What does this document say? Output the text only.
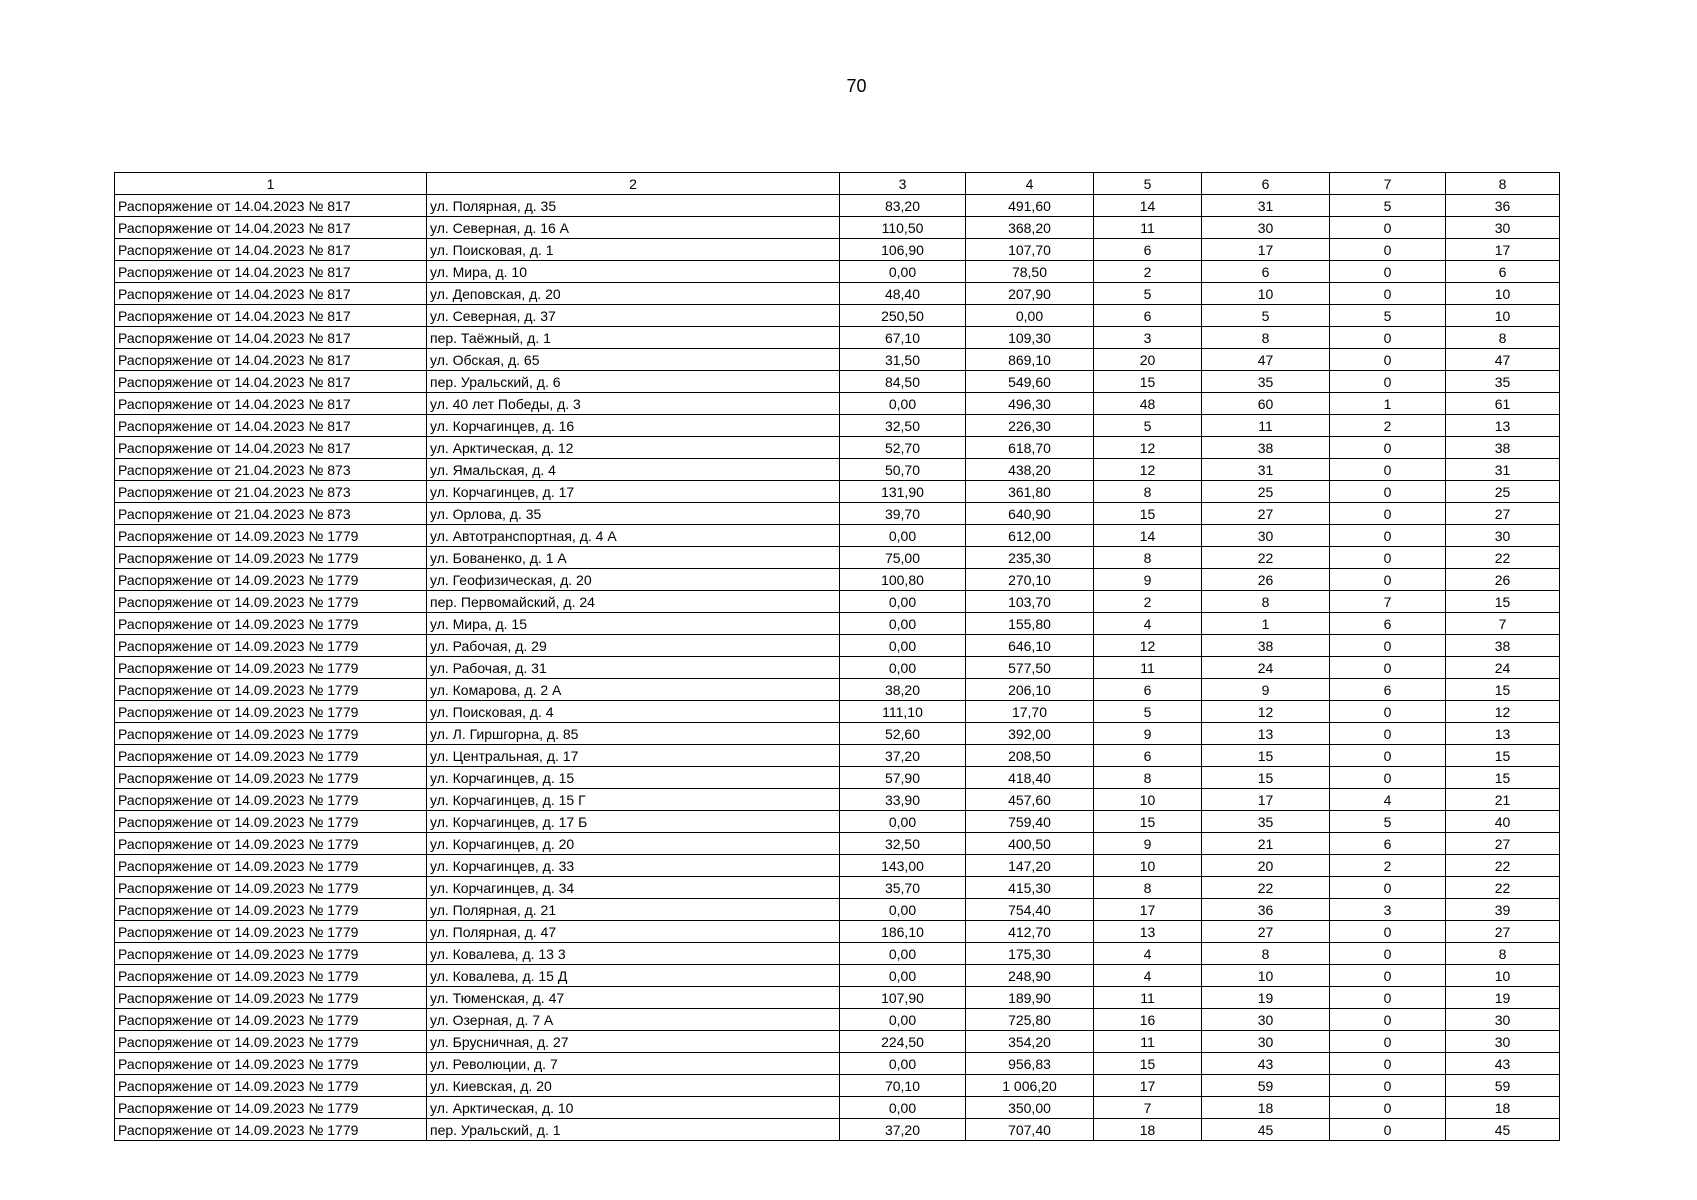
70
1	2	3	4	5	6	7	8
Распоряжение от 14.04.2023 № 817	ул. Полярная, д. 35	83,20	491,60	14	31	5	36
Распоряжение от 14.04.2023 № 817	ул. Северная, д. 16 А	110,50	368,20	11	30	0	30
Распоряжение от 14.04.2023 № 817	ул. Поисковая, д. 1	106,90	107,70	6	17	0	17
Распоряжение от 14.04.2023 № 817	ул. Мира, д. 10	0,00	78,50	2	6	0	6
Распоряжение от 14.04.2023 № 817	ул. Деповская, д. 20	48,40	207,90	5	10	0	10
Распоряжение от 14.04.2023 № 817	ул. Северная, д. 37	250,50	0,00	6	5	5	10
Распоряжение от 14.04.2023 № 817	пер. Таёжный, д. 1	67,10	109,30	3	8	0	8
Распоряжение от 14.04.2023 № 817	ул. Обская, д. 65	31,50	869,10	20	47	0	47
Распоряжение от 14.04.2023 № 817	пер. Уральский, д. 6	84,50	549,60	15	35	0	35
Распоряжение от 14.04.2023 № 817	ул. 40 лет Победы, д. 3	0,00	496,30	48	60	1	61
Распоряжение от 14.04.2023 № 817	ул. Корчагинцев, д. 16	32,50	226,30	5	11	2	13
Распоряжение от 14.04.2023 № 817	ул. Арктическая, д. 12	52,70	618,70	12	38	0	38
Распоряжение от 21.04.2023 № 873	ул. Ямальская, д. 4	50,70	438,20	12	31	0	31
Распоряжение от 21.04.2023 № 873	ул. Корчагинцев, д. 17	131,90	361,80	8	25	0	25
Распоряжение от 21.04.2023 № 873	ул. Орлова, д. 35	39,70	640,90	15	27	0	27
Распоряжение от 14.09.2023 № 1779	ул. Автотранспортная, д. 4 А	0,00	612,00	14	30	0	30
Распоряжение от 14.09.2023 № 1779	ул. Бованенко, д. 1 А	75,00	235,30	8	22	0	22
Распоряжение от 14.09.2023 № 1779	ул. Геофизическая, д. 20	100,80	270,10	9	26	0	26
Распоряжение от 14.09.2023 № 1779	пер. Первомайский, д. 24	0,00	103,70	2	8	7	15
Распоряжение от 14.09.2023 № 1779	ул. Мира, д. 15	0,00	155,80	4	1	6	7
Распоряжение от 14.09.2023 № 1779	ул. Рабочая, д. 29	0,00	646,10	12	38	0	38
Распоряжение от 14.09.2023 № 1779	ул. Рабочая, д. 31	0,00	577,50	11	24	0	24
Распоряжение от 14.09.2023 № 1779	ул. Комарова, д. 2 А	38,20	206,10	6	9	6	15
Распоряжение от 14.09.2023 № 1779	ул. Поисковая, д. 4	111,10	17,70	5	12	0	12
Распоряжение от 14.09.2023 № 1779	ул. Л. Гиршгорна, д. 85	52,60	392,00	9	13	0	13
Распоряжение от 14.09.2023 № 1779	ул. Центральная, д. 17	37,20	208,50	6	15	0	15
Распоряжение от 14.09.2023 № 1779	ул. Корчагинцев, д. 15	57,90	418,40	8	15	0	15
Распоряжение от 14.09.2023 № 1779	ул. Корчагинцев, д. 15 Г	33,90	457,60	10	17	4	21
Распоряжение от 14.09.2023 № 1779	ул. Корчагинцев, д. 17 Б	0,00	759,40	15	35	5	40
Распоряжение от 14.09.2023 № 1779	ул. Корчагинцев, д. 20	32,50	400,50	9	21	6	27
Распоряжение от 14.09.2023 № 1779	ул. Корчагинцев, д. 33	143,00	147,20	10	20	2	22
Распоряжение от 14.09.2023 № 1779	ул. Корчагинцев, д. 34	35,70	415,30	8	22	0	22
Распоряжение от 14.09.2023 № 1779	ул. Полярная, д. 21	0,00	754,40	17	36	3	39
Распоряжение от 14.09.2023 № 1779	ул. Полярная, д. 47	186,10	412,70	13	27	0	27
Распоряжение от 14.09.2023 № 1779	ул. Ковалева, д. 13 3	0,00	175,30	4	8	0	8
Распоряжение от 14.09.2023 № 1779	ул. Ковалева, д. 15 Д	0,00	248,90	4	10	0	10
Распоряжение от 14.09.2023 № 1779	ул. Тюменская, д. 47	107,90	189,90	11	19	0	19
Распоряжение от 14.09.2023 № 1779	ул. Озерная, д. 7 А	0,00	725,80	16	30	0	30
Распоряжение от 14.09.2023 № 1779	ул. Брусничная, д. 27	224,50	354,20	11	30	0	30
Распоряжение от 14.09.2023 № 1779	ул. Революции, д. 7	0,00	956,83	15	43	0	43
Распоряжение от 14.09.2023 № 1779	ул. Киевская, д. 20	70,10	1 006,20	17	59	0	59
Распоряжение от 14.09.2023 № 1779	ул. Арктическая, д. 10	0,00	350,00	7	18	0	18
Распоряжение от 14.09.2023 № 1779	пер. Уральский, д. 1	37,20	707,40	18	45	0	45
